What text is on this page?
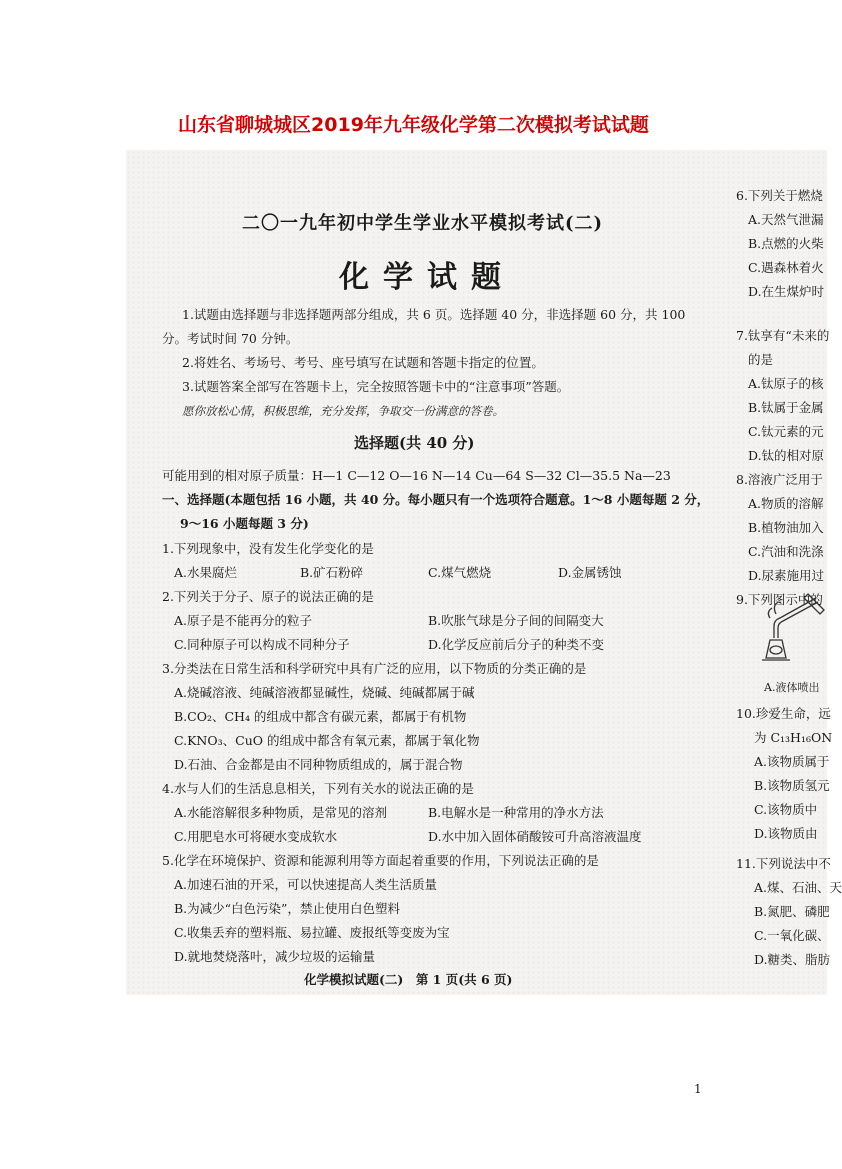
山东省聊城城区2019年九年级化学第二次模拟考试试题
二〇一九年初中学生学业水平模拟考试(二)
化学试题
1.试题由选择题与非选择题两部分组成，共 6 页。选择题 40 分，非选择题 60 分，共 100
分。考试时间 70 分钟。
2.将姓名、考场号、考号、座号填写在试题和答题卡指定的位置。
3.试题答案全部写在答题卡上，完全按照答题卡中的“注意事项”答题。
愿你放松心情，积极思维，充分发挥，争取交一份满意的答卷。
选择题(共 40 分)
可能用到的相对原子质量：H—1 C—12 O—16 N—14 Cu—64 S—32 Cl—35.5 Na—23
一、选择题(本题包括 16 小题，共 40 分。每小题只有一个选项符合题意。1～8 小题每题 2 分，
9～16 小题每题 3 分)
1.下列现象中，没有发生化学变化的是
A.水果腐烂	B.矿石粉碎	C.煤气燃烧	D.金属锈蚀
2.下列关于分子、原子的说法正确的是
A.原子是不能再分的粒子	B.吹胀气球是分子间的间隔变大
C.同种原子可以构成不同种分子	D.化学反应前后分子的种类不变
3.分类法在日常生活和科学研究中具有广泛的应用，以下物质的分类正确的是
A.烧碱溶液、纯碱溶液都显碱性，烧碱、纯碱都属于碱
B.CO₂、CH₄ 的组成中都含有碳元素，都属于有机物
C.KNO₃、CuO 的组成中都含有氧元素，都属于氧化物
D.石油、合金都是由不同种物质组成的，属于混合物
4.水与人们的生活息息相关，下列有关水的说法正确的是
A.水能溶解很多种物质，是常见的溶剂	B.电解水是一种常用的净水方法
C.用肥皂水可将硬水变成软水	D.水中加入固体硝酸铵可升高溶液温度
5.化学在环境保护、资源和能源利用等方面起着重要的作用，下列说法正确的是
A.加速石油的开采，可以快速提高人类生活质量
B.为减少“白色污染”，禁止使用白色塑料
C.收集丢弃的塑料瓶、易拉罐、废报纸等变废为宝
D.就地焚烧落叶，减少垃圾的运输量
化学模拟试题(二)　第 1 页(共 6 页)
6.下列关于燃烧
A.天然气泄漏
B.点燃的火柴
C.遇森林着火
D.在生煤炉时
7.钛享有“未来的
的是
A.钛原子的核
B.钛属于金属
C.钛元素的元
D.钛的相对原
8.溶液广泛用于
A.物质的溶解
B.植物油加入
C.汽油和洗涤
D.尿素施用过
9.下列图示中的
A.液体喷出
10.珍爱生命，远
为 C₁₃H₁₆ON
A.该物质属于
B.该物质氢元
C.该物质中
D.该物质由
11.下列说法中不
A.煤、石油、天
B.氮肥、磷肥
C.一氧化碳、
D.糖类、脂肪
1
